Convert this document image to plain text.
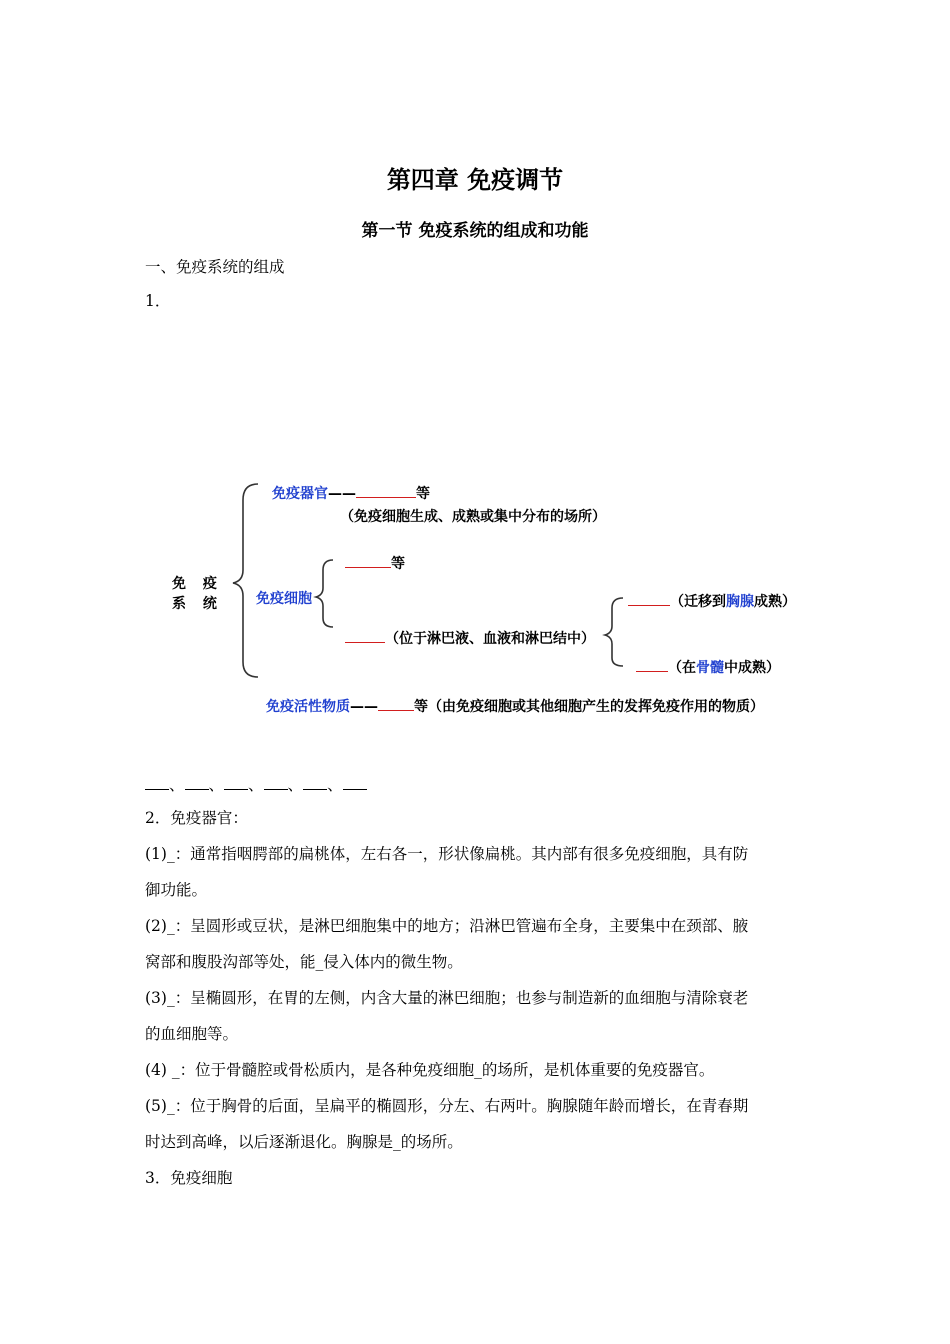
第四章 免疫调节
第一节 免疫系统的组成和功能
一、免疫系统的组成
1．
免 疫 系 统
免疫器官——	等
（免疫细胞生成、成熟或集中分布的场所）
免疫细胞
等
（位于淋巴液、血液和淋巴结中）
（迁移到胸腺成熟）
（在骨髓中成熟）
免疫活性物质——	等（由免疫细胞或其他细胞产生的发挥免疫作用的物质）
、 、 、 、 、
2．免疫器官：
(1)_：通常指咽腭部的扁桃体，左右各一，形状像扁桃。其内部有很多免疫细胞，具有防
御功能。
(2)_：呈圆形或豆状，是淋巴细胞集中的地方；沿淋巴管遍布全身，主要集中在颈部、腋
窝部和腹股沟部等处，能_侵入体内的微生物。
(3)_：呈椭圆形，在胃的左侧，内含大量的淋巴细胞；也参与制造新的血细胞与清除衰老
的血细胞等。
(4) _：位于骨髓腔或骨松质内，是各种免疫细胞_的场所，是机体重要的免疫器官。
(5)_：位于胸骨的后面，呈扁平的椭圆形，分左、右两叶。胸腺随年龄而增长，在青春期
时达到高峰，以后逐渐退化。胸腺是_的场所。
3．免疫细胞
